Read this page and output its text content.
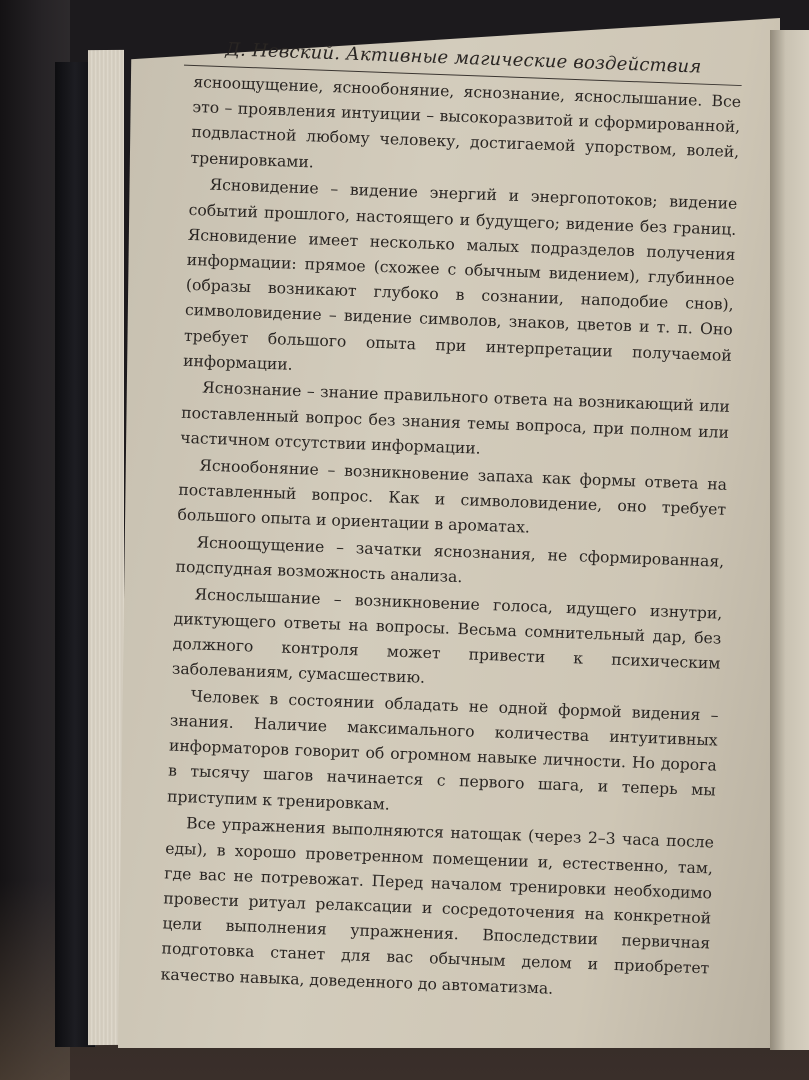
Д. Невский. Активные магические воздействия

ясноощущение, яснообоняние, яснознание, яснослышание. Все это – проявления интуиции – высокоразвитой и сформированной, подвластной любому человеку, достигаемой упорством, волей, тренировками.

Ясновидение – видение энергий и энергопотоков; видение событий прошлого, настоящего и будущего; видение без границ. Ясновидение имеет несколько малых подразделов получения информации: прямое (схожее с обычным видением), глубинное (образы возникают глубоко в сознании, наподобие снов), символовидение – видение символов, знаков, цветов и т. п. Оно требует большого опыта при интерпретации получаемой информации.

Яснознание – знание правильного ответа на возникающий или поставленный вопрос без знания темы вопроса, при полном или частичном отсутствии информации.

Яснообоняние – возникновение запаха как формы ответа на поставленный вопрос. Как и символовидение, оно требует большого опыта и ориентации в ароматах.

Ясноощущение – зачатки яснознания, не сформированная, подспудная возможность анализа.

Яснослышание – возникновение голоса, идущего изнутри, диктующего ответы на вопросы. Весьма сомнительный дар, без должного контроля может привести к психическим заболеваниям, сумасшествию.

Человек в состоянии обладать не одной формой видения – знания. Наличие максимального количества интуитивных информаторов говорит об огромном навыке личности. Но дорога в тысячу шагов начинается с первого шага, и теперь мы приступим к тренировкам.

Все упражнения выполняются натощак (через 2–3 часа после еды), в хорошо проветренном помещении и, естественно, там, где вас не потревожат. Перед началом тренировки необходимо провести ритуал релаксации и сосредоточения на конкретной цели выполнения упражнения. Впоследствии первичная подготовка станет для вас обычным делом и приобретет качество навыка, доведенного до автоматизма.
